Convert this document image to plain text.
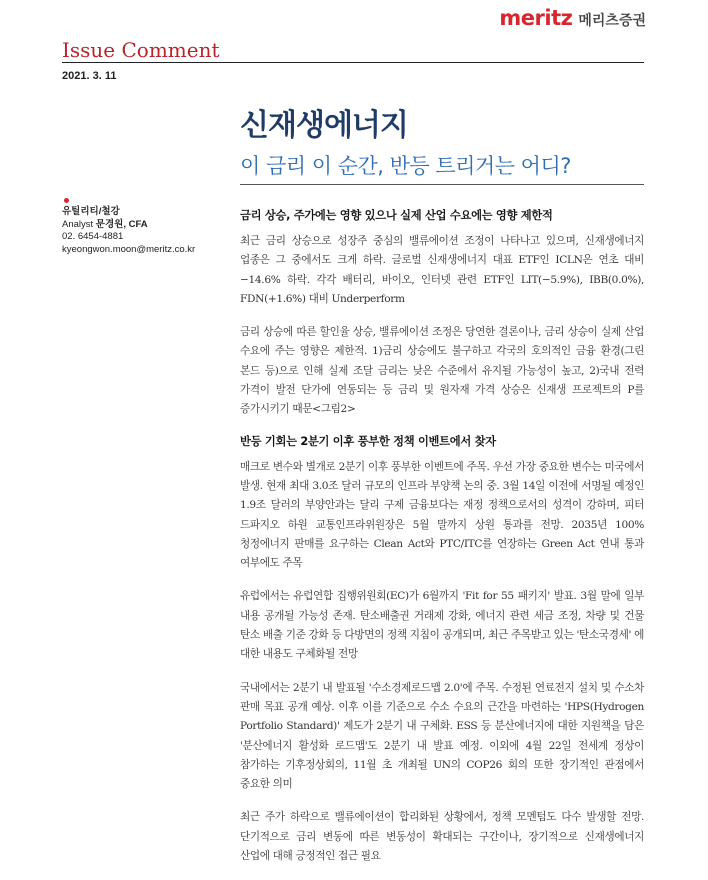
meritz 메리츠증권
Issue Comment
2021. 3. 11
신재생에너지
이 금리 이 순간, 반등 트리거는 어디?
유틸리티/철강
Analyst 문경원, CFA
02. 6454-4881
kyeongwon.moon@meritz.co.kr
금리 상승, 주가에는 영향 있으나 실제 산업 수요에는 영향 제한적

최근 금리 상승으로 성장주 중심의 밸류에이션 조정이 나타나고 있으며, 신재생에너지 업종은 그 중에서도 크게 하락. 글로벌 신재생에너지 대표 ETF인 ICLN은 연초 대비 −14.6% 하락. 각각 배터리, 바이오, 인터넷 관련 ETF인 LIT(−5.9%), IBB(0.0%), FDN(+1.6%) 대비 Underperform

금리 상승에 따른 할인율 상승, 밸류에이션 조정은 당연한 결론이나, 금리 상승이 실제 산업 수요에 주는 영향은 제한적. 1)금리 상승에도 불구하고 각국의 호의적인 금융 환경(그린 본드 등)으로 인해 실제 조달 금리는 낮은 수준에서 유지될 가능성이 높고, 2)국내 전력 가격이 발전 단가에 연동되는 등 금리 및 원자재 가격 상승은 신재생 프로젝트의 P를 증가시키기 때문<그림2>

반등 기회는 2분기 이후 풍부한 정책 이벤트에서 찾자

매크로 변수와 별개로 2분기 이후 풍부한 이벤트에 주목. 우선 가장 중요한 변수는 미국에서 발생. 현재 최대 3.0조 달러 규모의 인프라 부양책 논의 중. 3월 14일 이전에 서명될 예정인 1.9조 달러의 부양안과는 달리 구제 금융보다는 재정 정책으로서의 성격이 강하며, 피터 드파지오 하원 교통인프라위원장은 5월 말까지 상원 통과를 전망. 2035년 100% 청정에너지 판매를 요구하는 Clean Act와 PTC/ITC를 연장하는 Green Act 연내 통과 여부에도 주목

유럽에서는 유럽연합 집행위원회(EC)가 6월까지 'Fit for 55 패키지' 발표. 3월 말에 일부 내용 공개될 가능성 존재. 탄소배출권 거래제 강화, 에너지 관련 세금 조정, 차량 및 건물 탄소 배출 기준 강화 등 다방면의 정책 지침이 공개되며, 최근 주목받고 있는 '탄소국경세' 에 대한 내용도 구체화될 전망

국내에서는 2분기 내 발표될 '수소경제로드맵 2.0'에 주목. 수정된 연료전지 설치 및 수소차 판매 목표 공개 예상. 이후 이를 기준으로 수소 수요의 근간을 마련하는 'HPS(Hydrogen Portfolio Standard)' 제도가 2분기 내 구체화. ESS 등 분산에너지에 대한 지원책을 담은 '분산에너지 활성화 로드맵'도 2분기 내 발표 예정. 이외에 4월 22일 전세계 정상이 참가하는 기후정상회의, 11월 초 개최될 UN의 COP26 회의 또한 장기적인 관점에서 중요한 의미

최근 주가 하락으로 밸류에이션이 합리화된 상황에서, 정책 모멘텀도 다수 발생할 전망. 단기적으로 금리 변동에 따른 변동성이 확대되는 구간이나, 장기적으로 신재생에너지 산업에 대해 긍정적인 접근 필요
